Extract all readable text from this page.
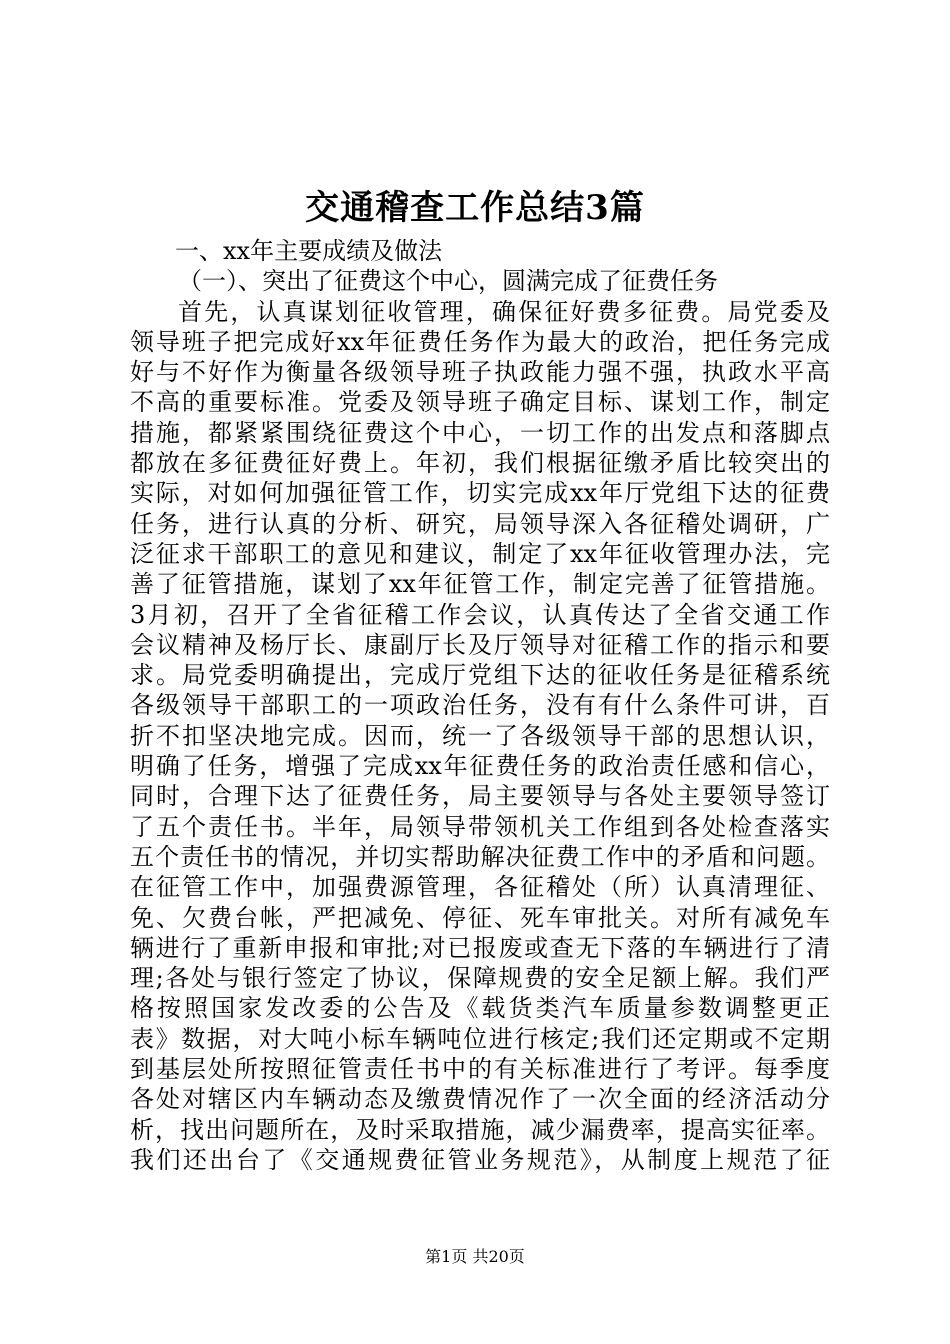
交通稽查工作总结3篇
一、xx年主要成绩及做法
（一）、突出了征费这个中心，圆满完成了征费任务
首先，认真谋划征收管理，确保征好费多征费。局党委及
领导班子把完成好xx年征费任务作为最大的政治，把任务完成
好与不好作为衡量各级领导班子执政能力强不强，执政水平高
不高的重要标准。党委及领导班子确定目标、谋划工作，制定
措施，都紧紧围绕征费这个中心，一切工作的出发点和落脚点
都放在多征费征好费上。年初，我们根据征缴矛盾比较突出的
实际，对如何加强征管工作，切实完成xx年厅党组下达的征费
任务，进行认真的分析、研究，局领导深入各征稽处调研，广
泛征求干部职工的意见和建议，制定了xx年征收管理办法，完
善了征管措施，谋划了xx年征管工作，制定完善了征管措施。
3月初，召开了全省征稽工作会议，认真传达了全省交通工作
会议精神及杨厅长、康副厅长及厅领导对征稽工作的指示和要
求。局党委明确提出，完成厅党组下达的征收任务是征稽系统
各级领导干部职工的一项政治任务，没有有什么条件可讲，百
折不扣坚决地完成。因而，统一了各级领导干部的思想认识，
明确了任务，增强了完成xx年征费任务的政治责任感和信心，
同时，合理下达了征费任务，局主要领导与各处主要领导签订
了五个责任书。半年，局领导带领机关工作组到各处检查落实
五个责任书的情况，并切实帮助解决征费工作中的矛盾和问题。
在征管工作中，加强费源管理，各征稽处（所）认真清理征、
免、欠费台帐，严把减免、停征、死车审批关。对所有减免车
辆进行了重新申报和审批;对已报废或查无下落的车辆进行了清
理;各处与银行签定了协议，保障规费的安全足额上解。我们严
格按照国家发改委的公告及《载货类汽车质量参数调整更正
表》数据，对大吨小标车辆吨位进行核定;我们还定期或不定期
到基层处所按照征管责任书中的有关标准进行了考评。每季度
各处对辖区内车辆动态及缴费情况作了一次全面的经济活动分
析，找出问题所在，及时采取措施，减少漏费率，提高实征率。
我们还出台了《交通规费征管业务规范》，从制度上规范了征
第1页 共20页
